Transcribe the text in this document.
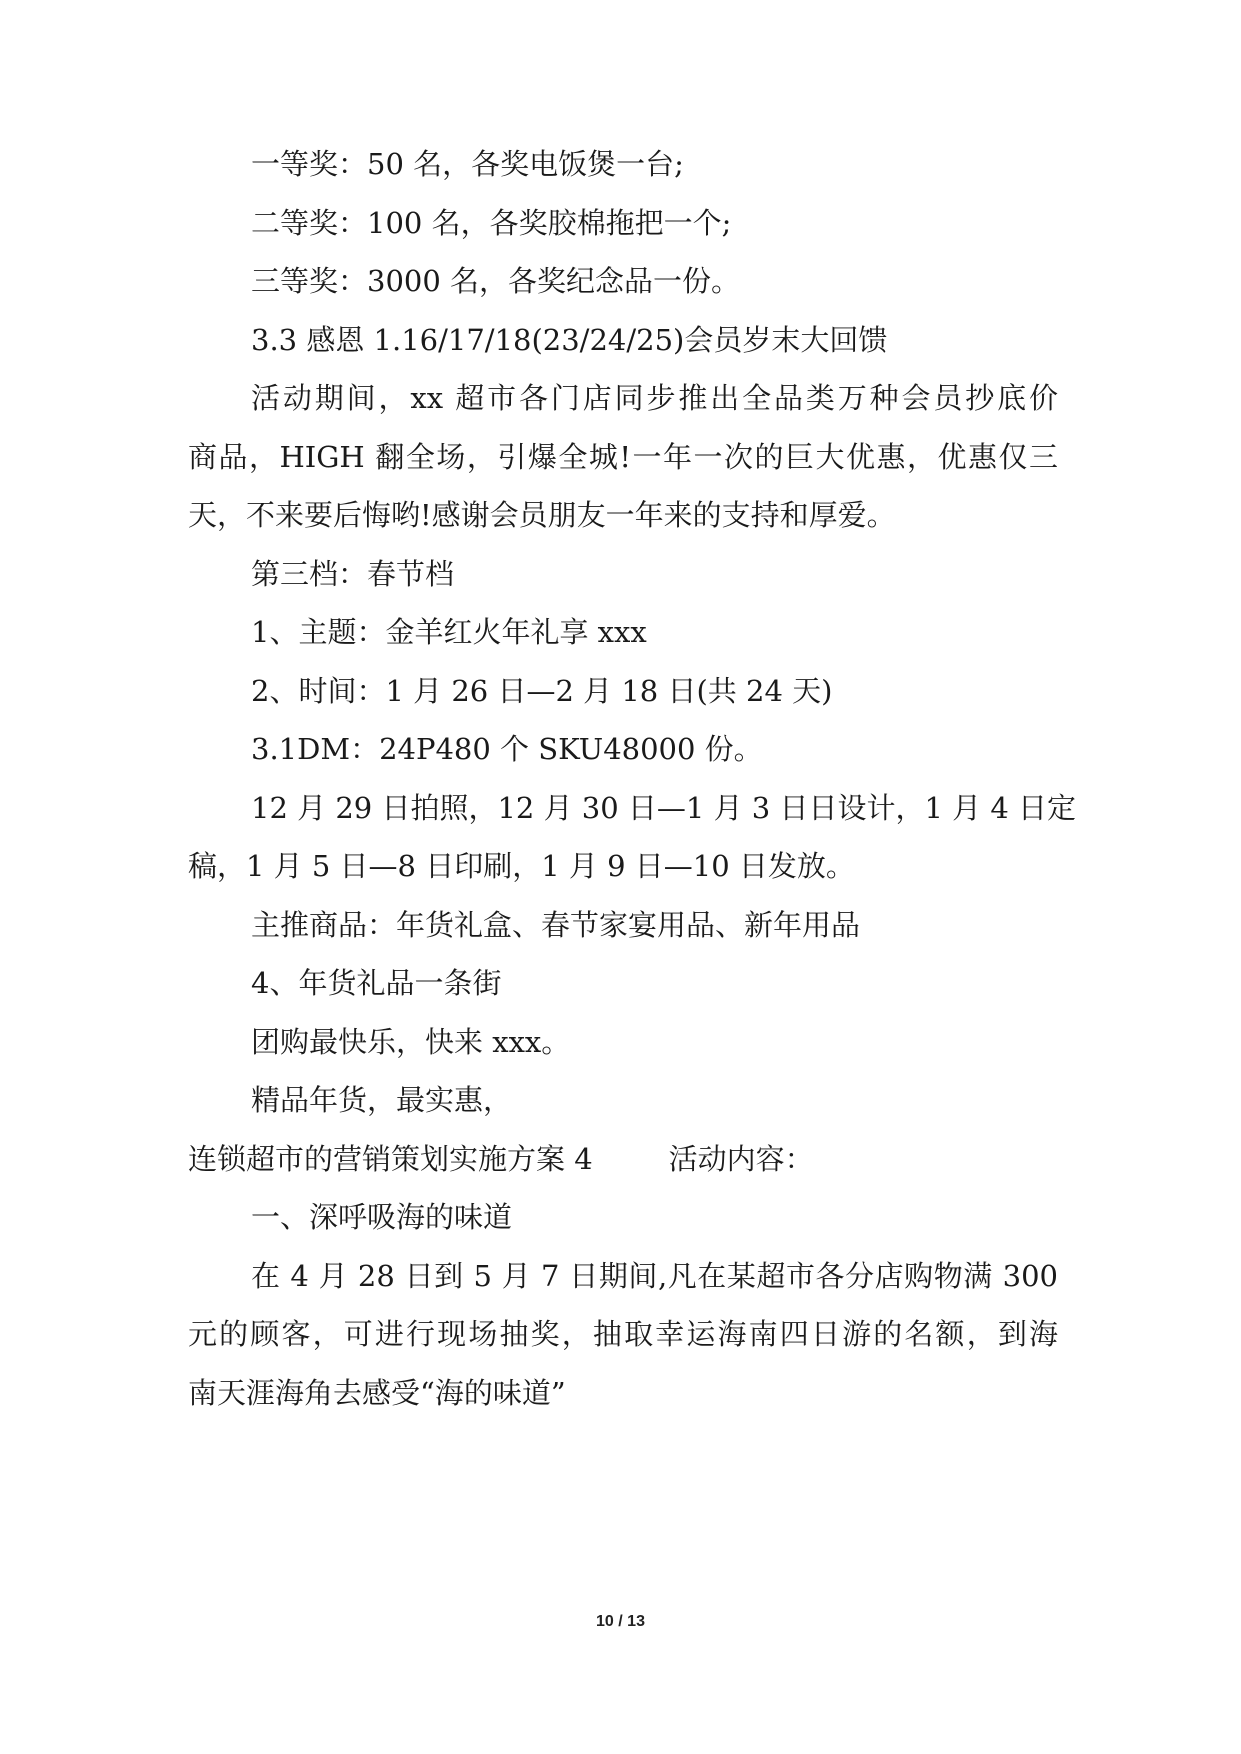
一等奖：50 名，各奖电饭煲一台;
二等奖：100 名，各奖胶棉拖把一个;
三等奖：3000 名，各奖纪念品一份。
3.3 感恩 1.16/17/18(23/24/25)会员岁末大回馈
活动期间，xx 超市各门店同步推出全品类万种会员抄底价
商品，HIGH 翻全场，引爆全城!一年一次的巨大优惠，优惠仅三
天，不来要后悔哟!感谢会员朋友一年来的支持和厚爱。
第三档：春节档
1、主题：金羊红火年礼享 xxx
2、时间：1 月 26 日—2 月 18 日(共 24 天)
3.1DM：24P480 个 SKU48000 份。
12 月 29 日拍照，12 月 30 日—1 月 3 日日设计，1 月 4 日定
稿，1 月 5 日—8 日印刷，1 月 9 日—10 日发放。
主推商品：年货礼盒、春节家宴用品、新年用品
4、年货礼品一条街
团购最快乐，快来 xxx。
精品年货，最实惠，
连锁超市的营销策划实施方案 4	活动内容：
一、深呼吸海的味道
在 4 月 28 日到 5 月 7 日期间,凡在某超市各分店购物满 300
元的顾客，可进行现场抽奖，抽取幸运海南四日游的名额，到海
南天涯海角去感受“海的味道”
10 / 13
